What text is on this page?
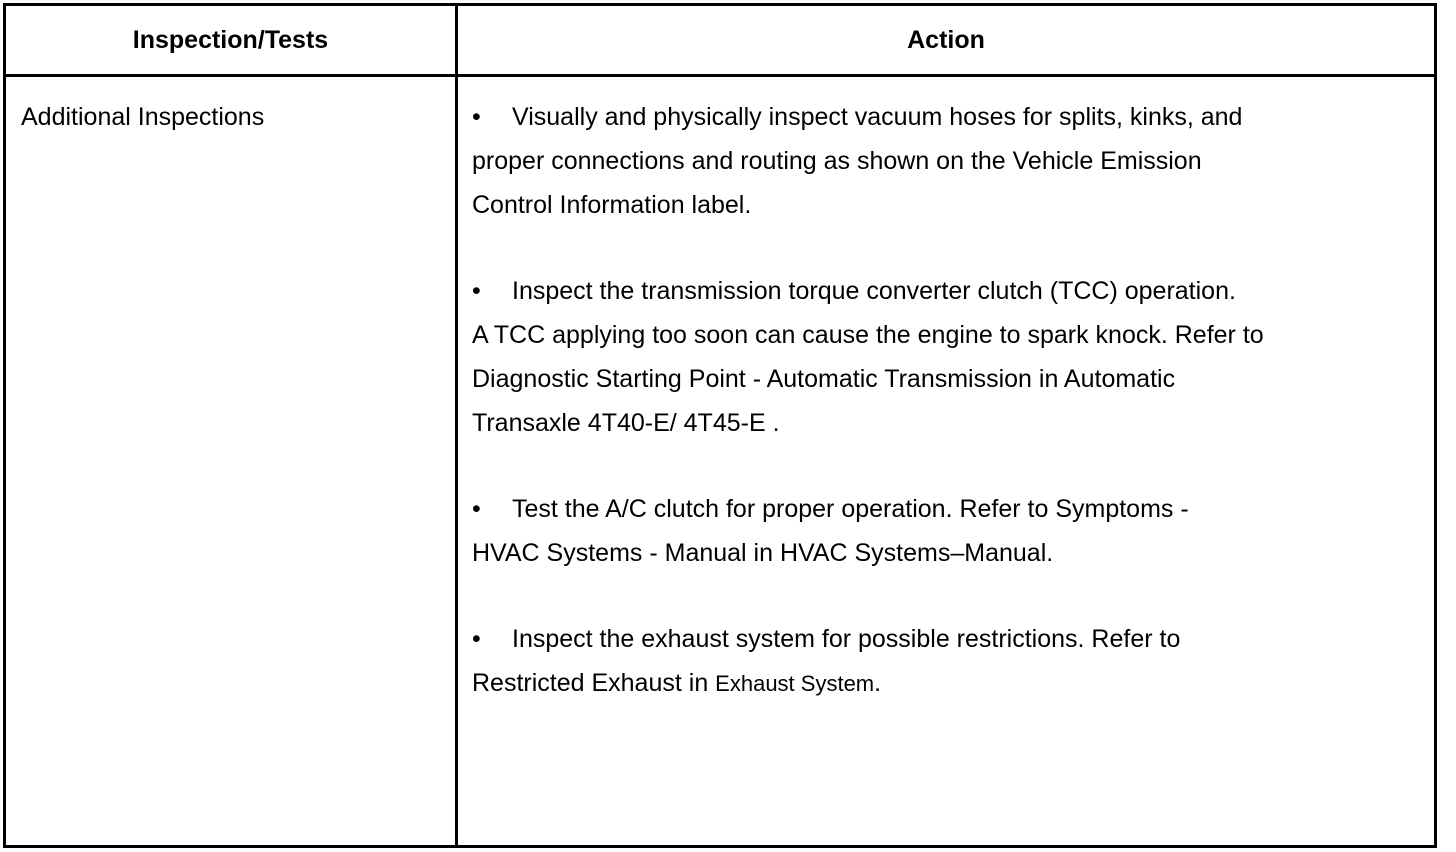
Inspection/Tests	Action
Additional Inspections	• Visually and physically inspect vacuum hoses for splits, kinks, and
proper connections and routing as shown on the Vehicle Emission
Control Information label.
• Inspect the transmission torque converter clutch (TCC) operation.
A TCC applying too soon can cause the engine to spark knock. Refer to
Diagnostic Starting Point - Automatic Transmission in Automatic
Transaxle 4T40-E/ 4T45-E .
• Test the A/C clutch for proper operation. Refer to Symptoms -
HVAC Systems - Manual in HVAC Systems–Manual.
• Inspect the exhaust system for possible restrictions. Refer to
Restricted Exhaust in Exhaust System.
